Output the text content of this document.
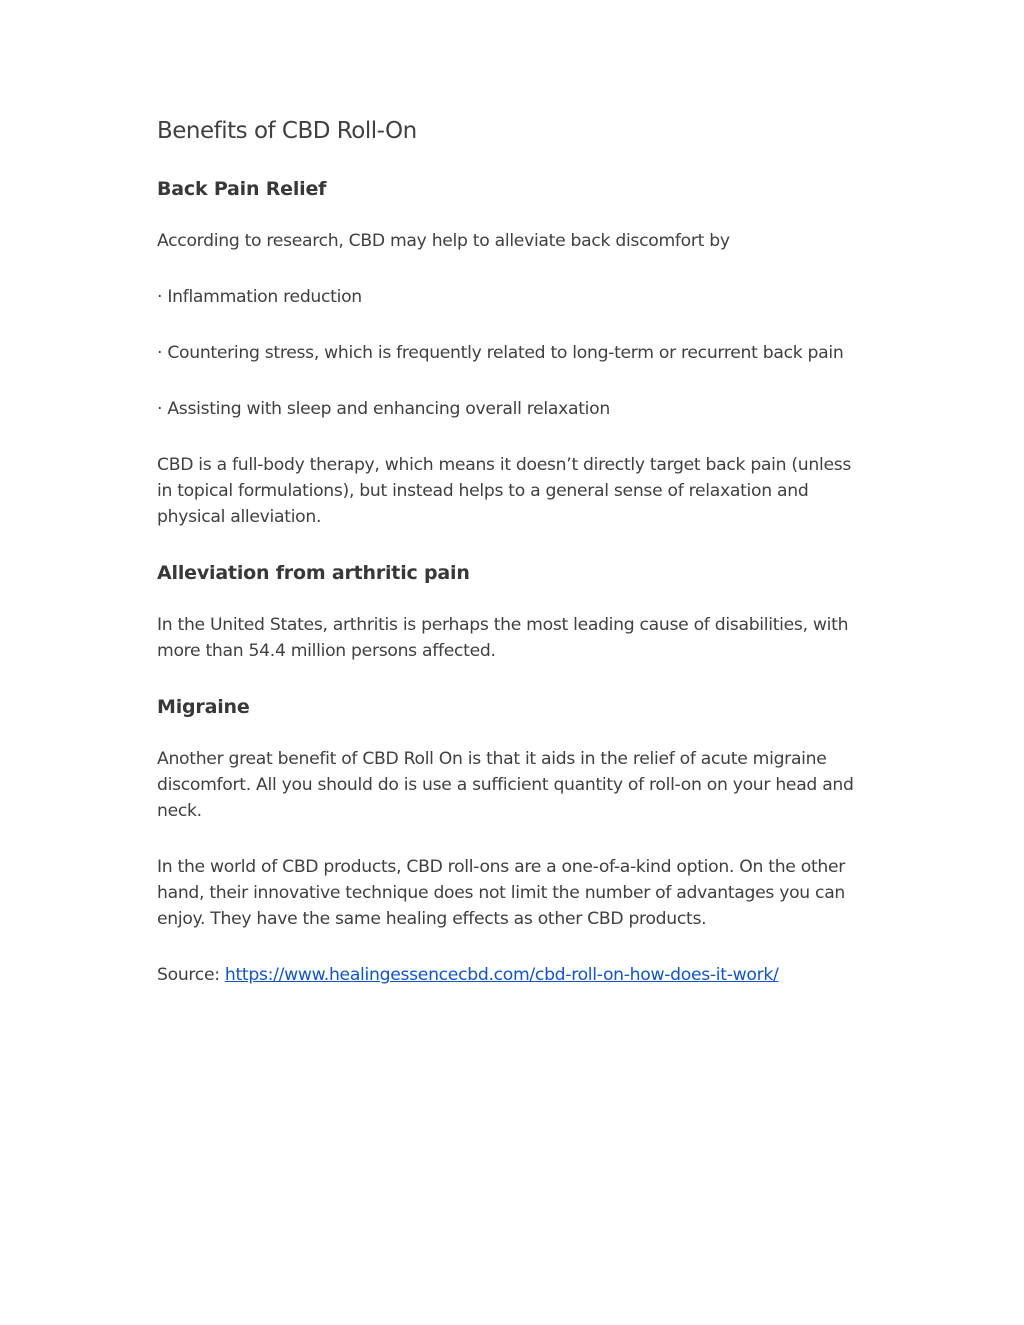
Benefits of CBD Roll-On
Back Pain Relief

According to research, CBD may help to alleviate back discomfort by

· Inflammation reduction

· Countering stress, which is frequently related to long-term or recurrent back pain

· Assisting with sleep and enhancing overall relaxation

CBD is a full-body therapy, which means it doesn’t directly target back pain (unless in topical formulations), but instead helps to a general sense of relaxation and physical alleviation.

Alleviation from arthritic pain

In the United States, arthritis is perhaps the most leading cause of disabilities, with more than 54.4 million persons affected.

Migraine

Another great benefit of CBD Roll On is that it aids in the relief of acute migraine discomfort. All you should do is use a sufficient quantity of roll-on on your head and neck.

In the world of CBD products, CBD roll-ons are a one-of-a-kind option. On the other hand, their innovative technique does not limit the number of advantages you can enjoy. They have the same healing effects as other CBD products.

Source: https://www.healingessencecbd.com/cbd-roll-on-how-does-it-work/
